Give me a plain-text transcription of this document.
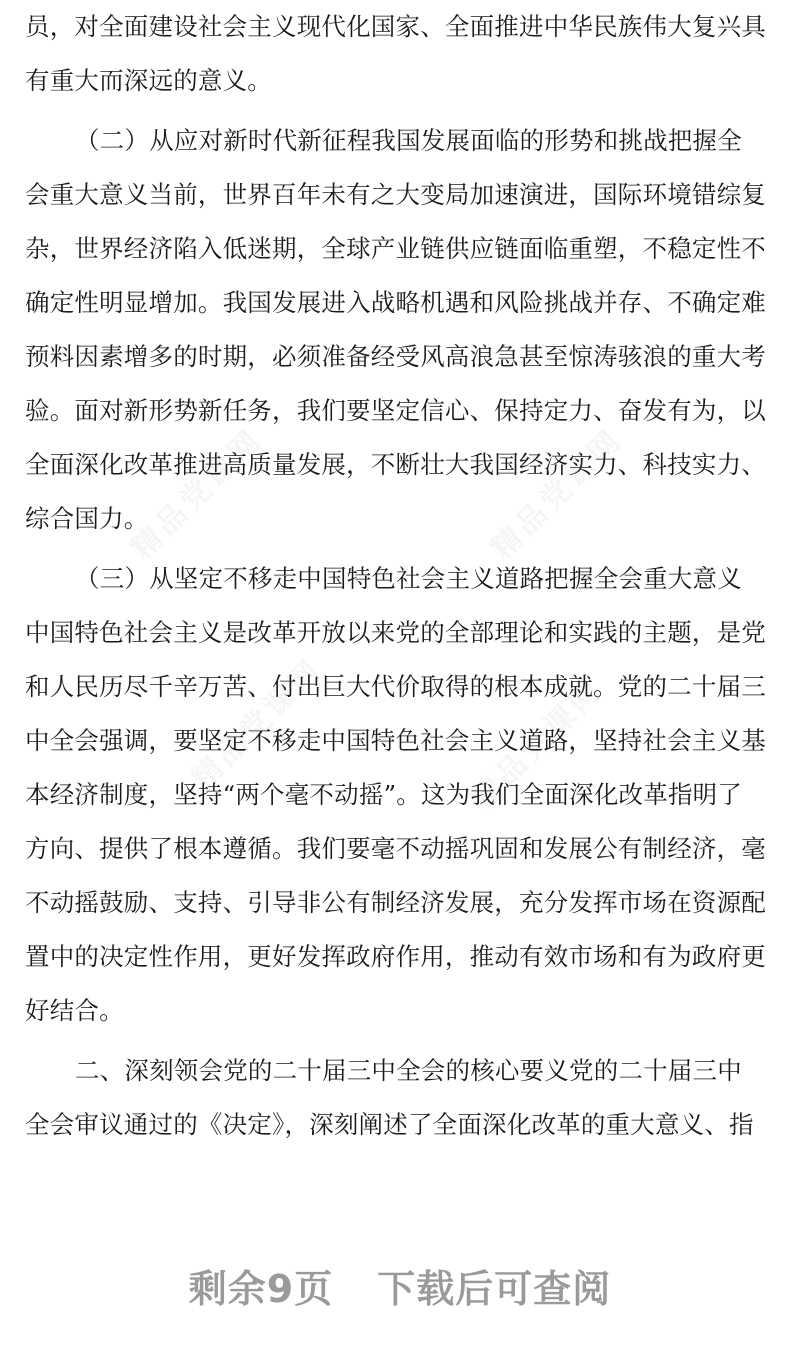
精品党课网	精品党课网
精品党课网	精品党课网
员，对全面建设社会主义现代化国家、全面推进中华民族伟大复兴具
有重大而深远的意义。
（二）从应对新时代新征程我国发展面临的形势和挑战把握全
会重大意义当前，世界百年未有之大变局加速演进，国际环境错综复
杂，世界经济陷入低迷期，全球产业链供应链面临重塑，不稳定性不
确定性明显增加。我国发展进入战略机遇和风险挑战并存、不确定难
预料因素增多的时期，必须准备经受风高浪急甚至惊涛骇浪的重大考
验。面对新形势新任务，我们要坚定信心、保持定力、奋发有为，以
全面深化改革推进高质量发展，不断壮大我国经济实力、科技实力、
综合国力。
（三）从坚定不移走中国特色社会主义道路把握全会重大意义
中国特色社会主义是改革开放以来党的全部理论和实践的主题，是党
和人民历尽千辛万苦、付出巨大代价取得的根本成就。党的二十届三
中全会强调，要坚定不移走中国特色社会主义道路，坚持社会主义基
本经济制度，坚持“两个毫不动摇”。这为我们全面深化改革指明了
方向、提供了根本遵循。我们要毫不动摇巩固和发展公有制经济，毫
不动摇鼓励、支持、引导非公有制经济发展，充分发挥市场在资源配
置中的决定性作用，更好发挥政府作用，推动有效市场和有为政府更
好结合。
二、深刻领会党的二十届三中全会的核心要义党的二十届三中
全会审议通过的《决定》，深刻阐述了全面深化改革的重大意义、指
剩余9页 下载后可查阅
